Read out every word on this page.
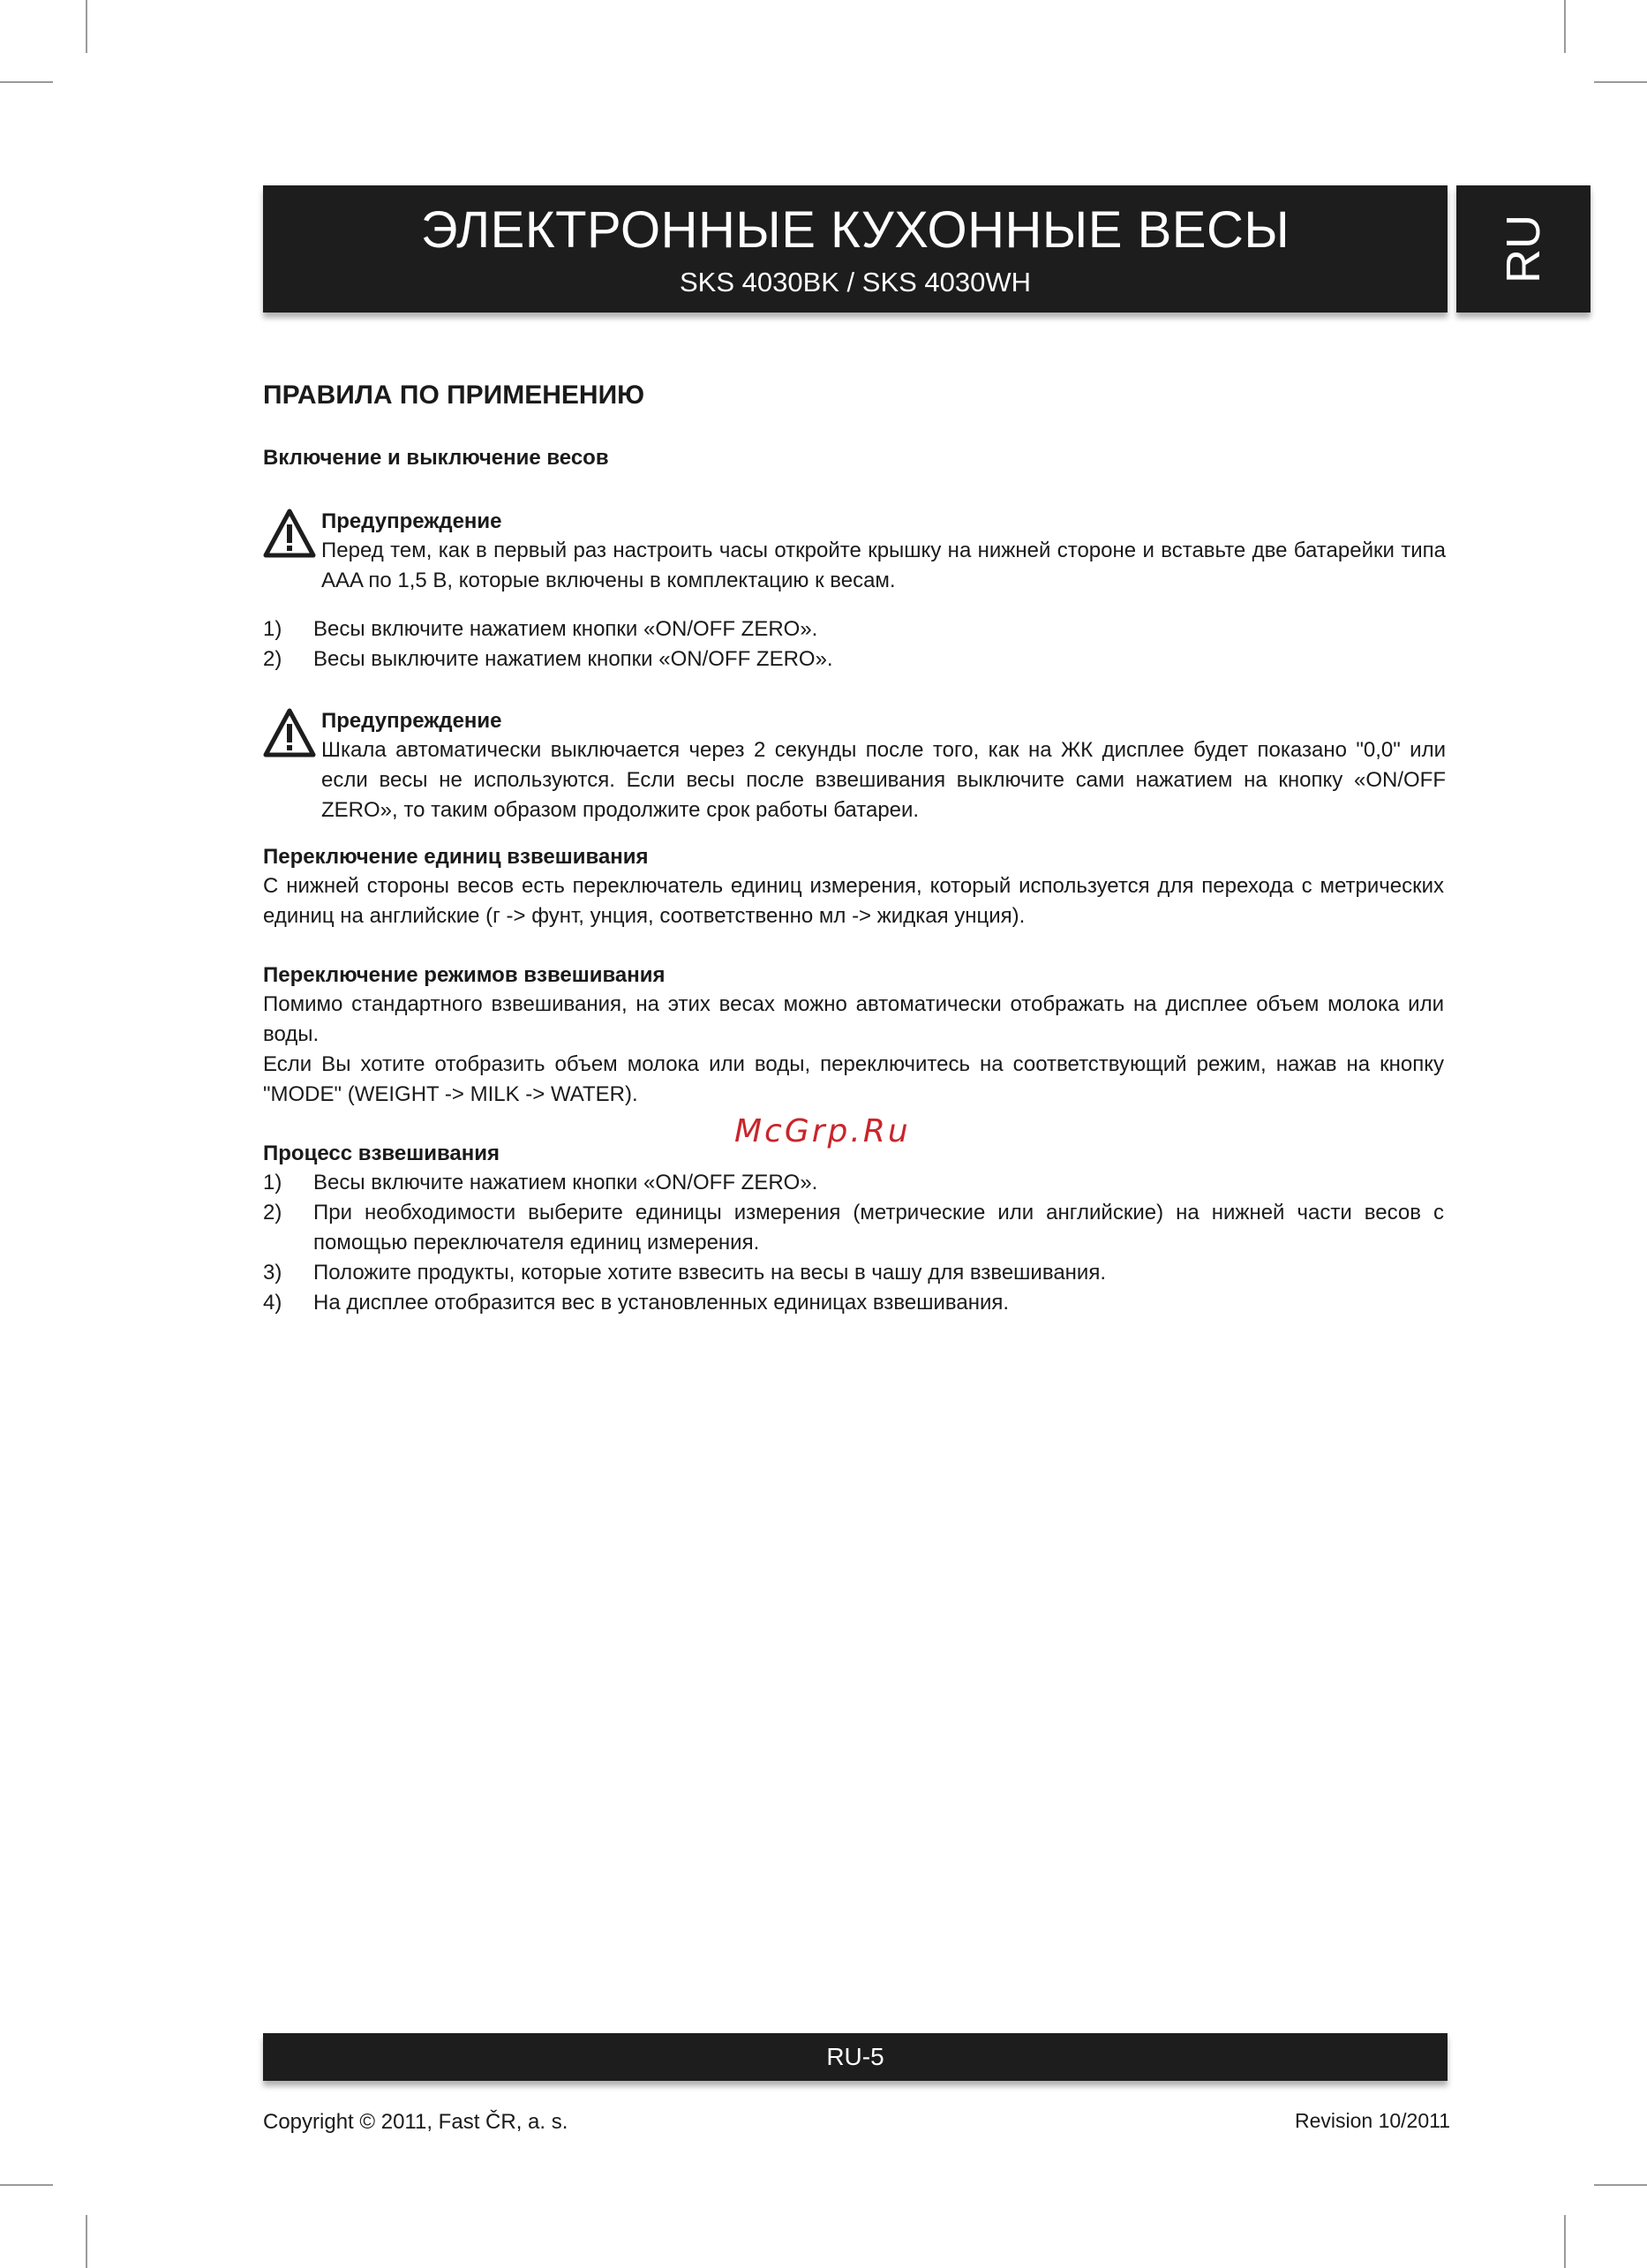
ЭЛЕКТРОННЫЕ КУХОННЫЕ ВЕСЫ
SKS 4030BK / SKS 4030WH	RU
ПРАВИЛА ПО ПРИМЕНЕНИЮ
Включение и выключение весов
Предупреждение

Перед тем, как в первый раз настроить часы откройте крышку на нижней стороне и вставьте две батарейки типа AAA по 1,5 В, которые включены в комплектацию к весам.

1) Весы включите нажатием кнопки «ON/OFF ZERO».
2) Весы выключите нажатием кнопки «ON/OFF ZERO».
Предупреждение

Шкала автоматически выключается через 2 секунды после того, как на ЖК дисплее будет показано "0,0" или если весы не используются. Если весы после взвешивания выключите сами нажатием на кнопку «ON/OFF ZERO», то таким образом продолжите срок работы батареи.

Переключение единиц взвешивания

С нижней стороны весов есть переключатель единиц измерения, который используется для перехода с метрических единиц на английские (г -> фунт, унция, соответственно мл -> жидкая унция).

Переключение режимов взвешивания

Помимо стандартного взвешивания, на этих весах можно автоматически отображать на дисплее объем молока или воды.

Если Вы хотите отобразить объем молока или воды, переключитесь на соответствующий режим, нажав на кнопку "MODE" (WEIGHT -> MILK -> WATER).

McGrp.Ru
Процесс взвешивания
1) Весы включите нажатием кнопки «ON/OFF ZERO».
2) При необходимости выберите единицы измерения (метрические или английские) на нижней части весов с помощью переключателя единиц измерения.
3) Положите продукты, которые хотите взвесить на весы в чашу для взвешивания.
4) На дисплее отобразится вес в установленных единицах взвешивания.
RU-5
Copyright © 2011, Fast ČR, a. s.	Revision 10/2011
